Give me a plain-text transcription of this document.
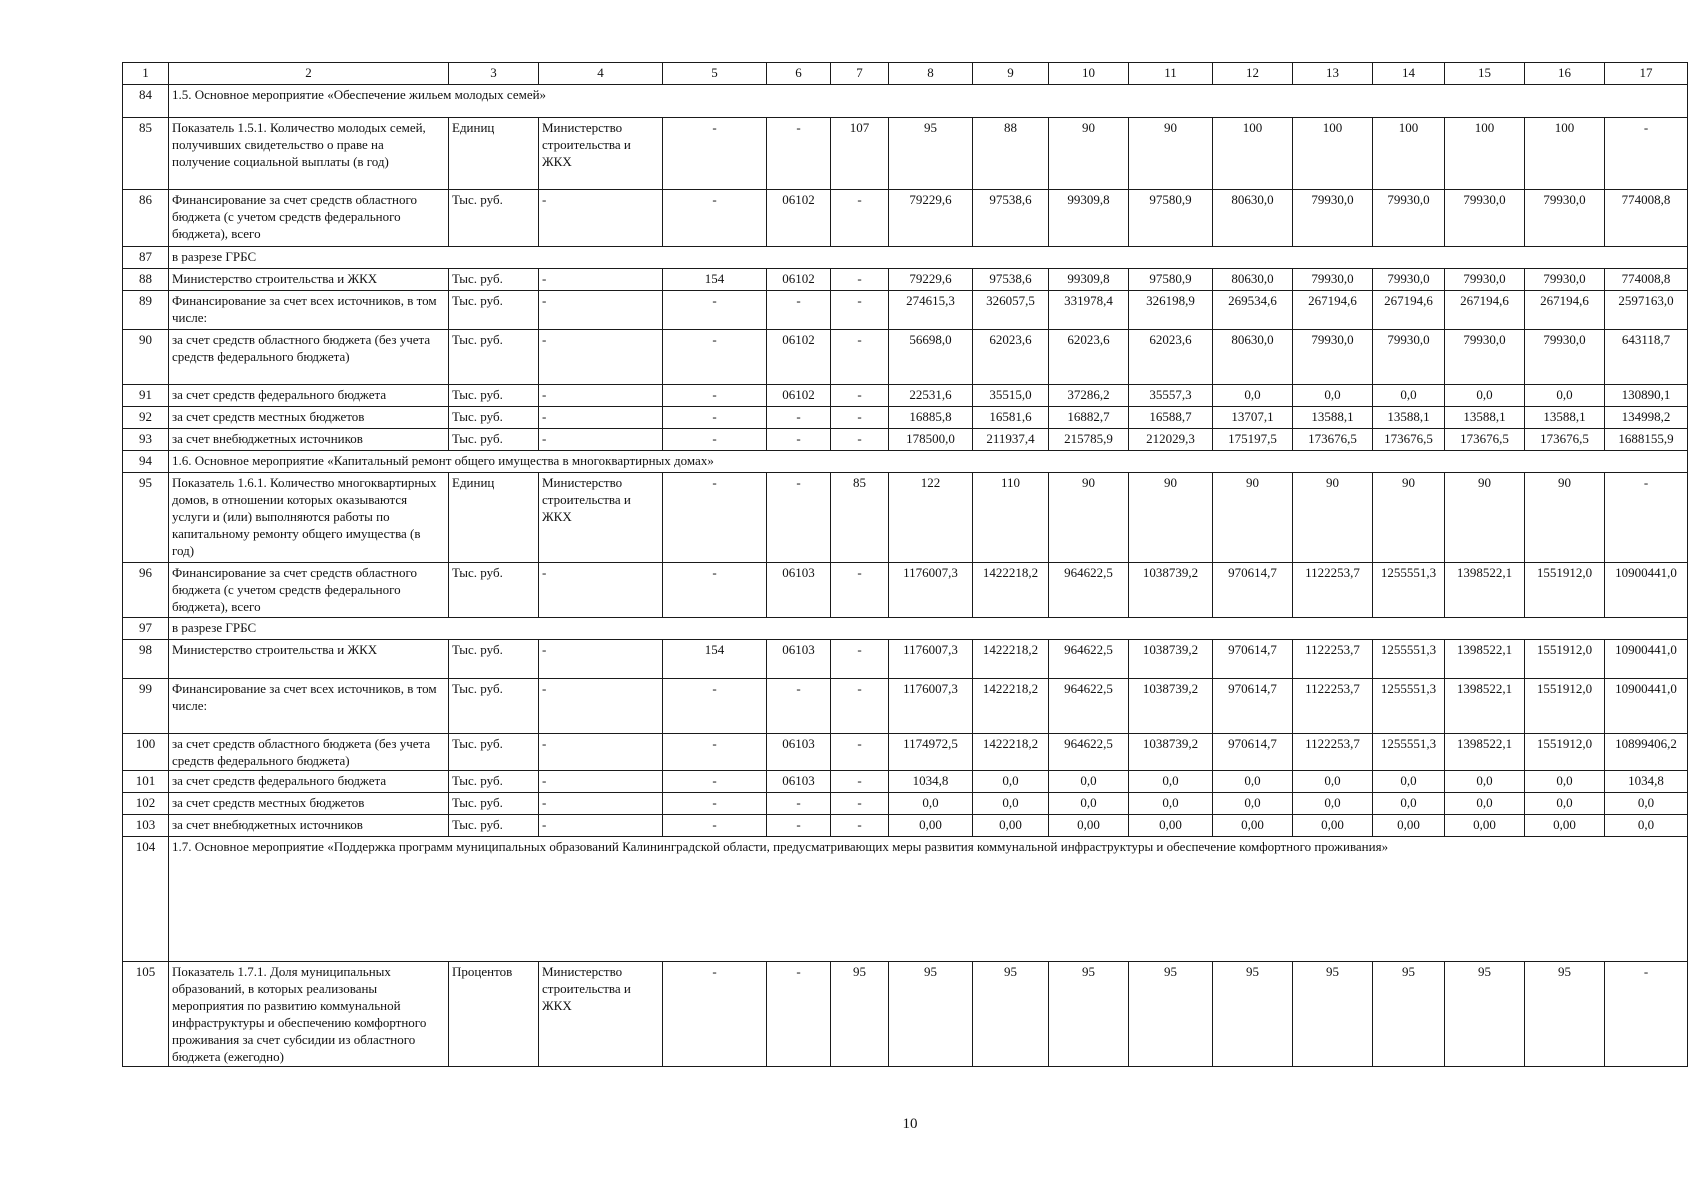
1	2	3	4	5	6	7	8	9	10	11	12	13	14	15	16	17
84	1.5. Основное мероприятие «Обеспечение жильем молодых семей»															
85	Показатель 1.5.1. Количество молодых семей, получивших свидетельство о праве на получение социальной выплаты (в год)	Единиц	Министерство строительства и ЖКХ	-	-	107	95	88	90	90	100	100	100	100	100	-
86	Финансирование за счет средств областного бюджета (с учетом средств федерального бюджета), всего	Тыс. руб.	-	-	06102	-	79229,6	97538,6	99309,8	97580,9	80630,0	79930,0	79930,0	79930,0	79930,0	774008,8
87	в разрезе ГРБС															
88	Министерство строительства и ЖКХ	Тыс. руб.	-	154	06102	-	79229,6	97538,6	99309,8	97580,9	80630,0	79930,0	79930,0	79930,0	79930,0	774008,8
89	Финансирование за счет всех источников, в том числе:	Тыс. руб.	-	-	-	-	274615,3	326057,5	331978,4	326198,9	269534,6	267194,6	267194,6	267194,6	267194,6	2597163,0
90	за счет средств областного бюджета (без учета средств федерального бюджета)	Тыс. руб.	-	-	06102	-	56698,0	62023,6	62023,6	62023,6	80630,0	79930,0	79930,0	79930,0	79930,0	643118,7
91	за счет средств федерального бюджета	Тыс. руб.	-	-	06102	-	22531,6	35515,0	37286,2	35557,3	0,0	0,0	0,0	0,0	0,0	130890,1
92	за счет средств местных бюджетов	Тыс. руб.	-	-	-	-	16885,8	16581,6	16882,7	16588,7	13707,1	13588,1	13588,1	13588,1	13588,1	134998,2
93	за счет внебюджетных источников	Тыс. руб.	-	-	-	-	178500,0	211937,4	215785,9	212029,3	175197,5	173676,5	173676,5	173676,5	173676,5	1688155,9
94	1.6. Основное мероприятие «Капитальный ремонт общего имущества в многоквартирных домах»															
95	Показатель 1.6.1. Количество многоквартирных домов, в отношении которых оказываются услуги и (или) выполняются работы по капитальному ремонту общего имущества (в год)	Единиц	Министерство строительства и ЖКХ	-	-	85	122	110	90	90	90	90	90	90	90	-
96	Финансирование за счет средств областного бюджета (с учетом средств федерального бюджета), всего	Тыс. руб.	-	-	06103	-	1176007,3	1422218,2	964622,5	1038739,2	970614,7	1122253,7	1255551,3	1398522,1	1551912,0	10900441,0
97	в разрезе ГРБС															
98	Министерство строительства и ЖКХ	Тыс. руб.	-	154	06103	-	1176007,3	1422218,2	964622,5	1038739,2	970614,7	1122253,7	1255551,3	1398522,1	1551912,0	10900441,0
99	Финансирование за счет всех источников, в том числе:	Тыс. руб.	-	-	-	-	1176007,3	1422218,2	964622,5	1038739,2	970614,7	1122253,7	1255551,3	1398522,1	1551912,0	10900441,0
100	за счет средств областного бюджета (без учета средств федерального бюджета)	Тыс. руб.	-	-	06103	-	1174972,5	1422218,2	964622,5	1038739,2	970614,7	1122253,7	1255551,3	1398522,1	1551912,0	10899406,2
101	за счет средств федерального бюджета	Тыс. руб.	-	-	06103	-	1034,8	0,0	0,0	0,0	0,0	0,0	0,0	0,0	0,0	1034,8
102	за счет средств местных бюджетов	Тыс. руб.	-	-	-	-	0,0	0,0	0,0	0,0	0,0	0,0	0,0	0,0	0,0	0,0
103	за счет внебюджетных источников	Тыс. руб.	-	-	-	-	0,00	0,00	0,00	0,00	0,00	0,00	0,00	0,00	0,00	0,0
104	1.7. Основное мероприятие «Поддержка программ муниципальных образований Калининградской области, предусматривающих меры развития коммунальной инфраструктуры и обеспечение комфортного проживания»															
105	Показатель 1.7.1. Доля муниципальных образований, в которых реализованы мероприятия по развитию коммунальной инфраструктуры и обеспечению комфортного проживания за счет субсидии из областного бюджета (ежегодно)	Процентов	Министерство строительства и ЖКХ	-	-	95	95	95	95	95	95	95	95	95	95	-
10
